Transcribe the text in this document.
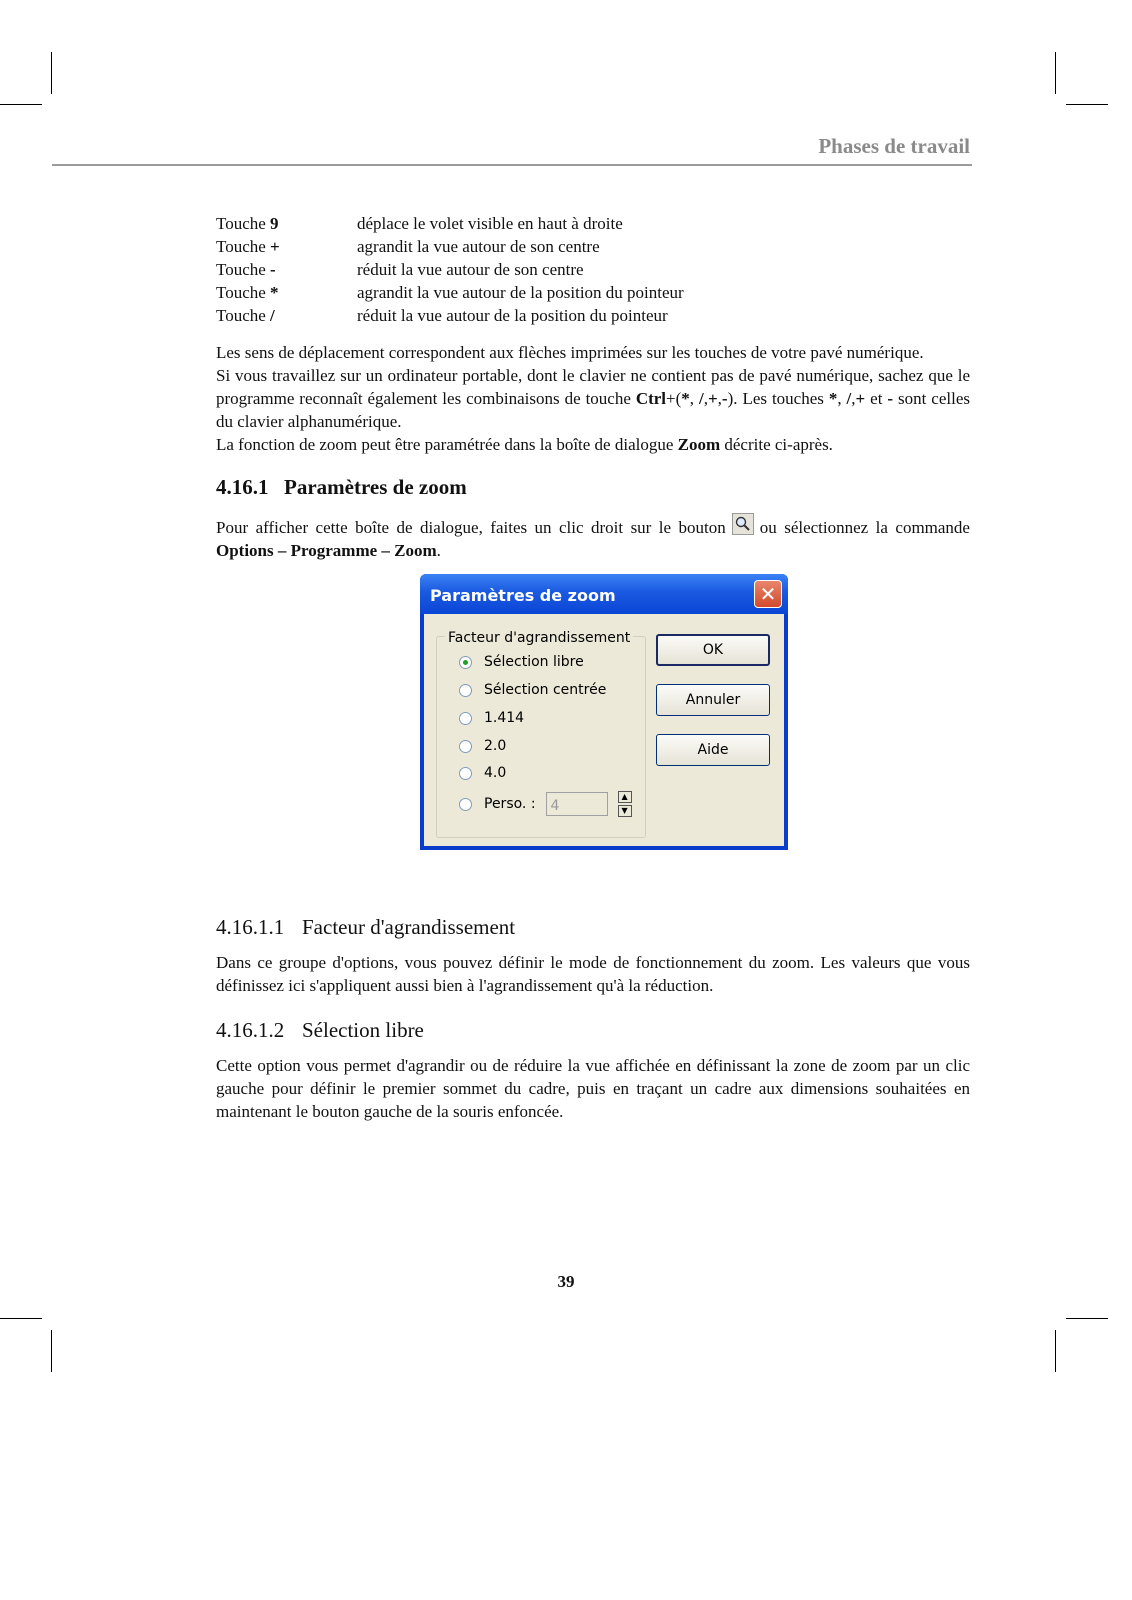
Phases de travail
Touche 9	déplace le volet visible en haut à droite
Touche +	agrandit la vue autour de son centre
Touche -	réduit la vue autour de son centre
Touche *	agrandit la vue autour de la position du pointeur
Touche /	réduit la vue autour de la position du pointeur

Les sens de déplacement correspondent aux flèches imprimées sur les touches de votre pavé numérique.

Si vous travaillez sur un ordinateur portable, dont le clavier ne contient pas de pavé numérique, sachez que le programme reconnaît également les combinaisons de touche Ctrl+(*, /,+,-). Les touches *, /,+ et - sont celles du clavier alphanumérique.

La fonction de zoom peut être paramétrée dans la boîte de dialogue Zoom décrite ci-après.

4.16.1 Paramètres de zoom

Pour afficher cette boîte de dialogue, faites un clic droit sur le bouton ou sélectionnez la commande Options – Programme – Zoom.

Paramètres de zoom	✕
Facteur d'agrandissement
Sélection libre
Sélection centrée
1.414
2.0
4.0
Perso. :	4
▲
▼
OK
Annuler
Aide
4.16.1.1 Facteur d'agrandissement

Dans ce groupe d'options, vous pouvez définir le mode de fonctionnement du zoom. Les valeurs que vous définissez ici s'appliquent aussi bien à l'agrandissement qu'à la réduction.

4.16.1.2 Sélection libre

Cette option vous permet d'agrandir ou de réduire la vue affichée en définissant la zone de zoom par un clic gauche pour définir le premier sommet du cadre, puis en traçant un cadre aux dimensions souhaitées en maintenant le bouton gauche de la souris enfoncée.

39
